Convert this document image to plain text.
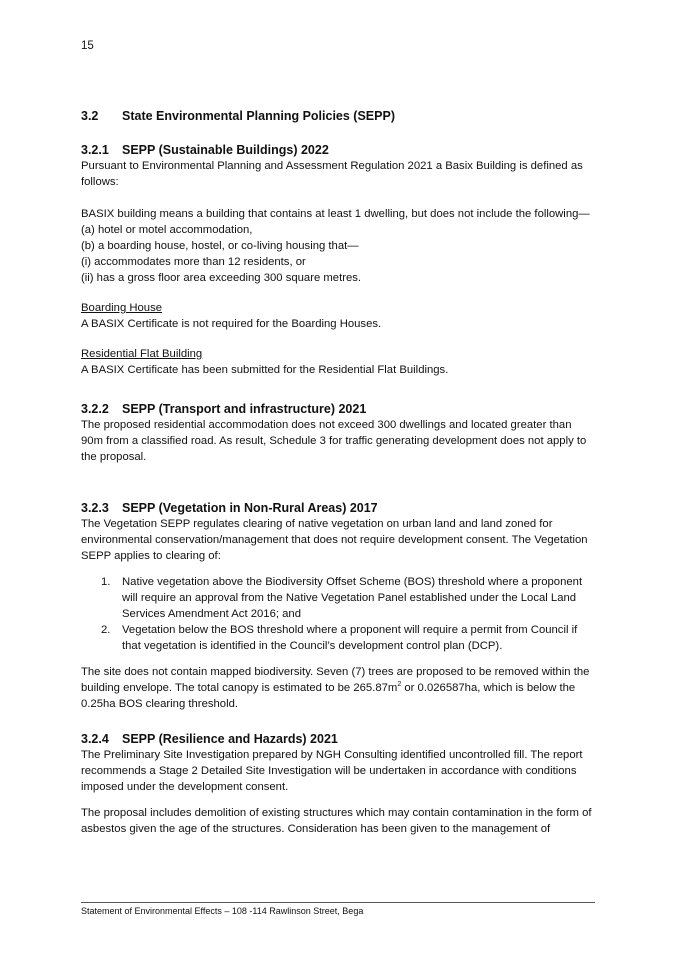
15
3.2 State Environmental Planning Policies (SEPP)
3.2.1 SEPP (Sustainable Buildings) 2022

Pursuant to Environmental Planning and Assessment Regulation 2021 a Basix Building is defined as follows:

BASIX building means a building that contains at least 1 dwelling, but does not include the following—

(a) hotel or motel accommodation,

(b) a boarding house, hostel, or co-living housing that—

(i) accommodates more than 12 residents, or

(ii) has a gross floor area exceeding 300 square metres.

Boarding House

A BASIX Certificate is not required for the Boarding Houses.

Residential Flat Building

A BASIX Certificate has been submitted for the Residential Flat Buildings.

3.2.2 SEPP (Transport and infrastructure) 2021

The proposed residential accommodation does not exceed 300 dwellings and located greater than 90m from a classified road. As result, Schedule 3 for traffic generating development does not apply to the proposal.

3.2.3 SEPP (Vegetation in Non-Rural Areas) 2017

The Vegetation SEPP regulates clearing of native vegetation on urban land and land zoned for environmental conservation/management that does not require development consent. The Vegetation SEPP applies to clearing of:

1. Native vegetation above the Biodiversity Offset Scheme (BOS) threshold where a proponent will require an approval from the Native Vegetation Panel established under the Local Land Services Amendment Act 2016; and
2. Vegetation below the BOS threshold where a proponent will require a permit from Council if that vegetation is identified in the Council’s development control plan (DCP).

The site does not contain mapped biodiversity. Seven (7) trees are proposed to be removed within the building envelope. The total canopy is estimated to be $265.87m^2$ or 0.026587ha, which is below the 0.25ha BOS clearing threshold.

3.2.4 SEPP (Resilience and Hazards) 2021

The Preliminary Site Investigation prepared by NGH Consulting identified uncontrolled fill. The report recommends a Stage 2 Detailed Site Investigation will be undertaken in accordance with conditions imposed under the development consent.

The proposal includes demolition of existing structures which may contain contamination in the form of asbestos given the age of the structures. Consideration has been given to the management of

Statement of Environmental Effects – 108 -114 Rawlinson Street, Bega
